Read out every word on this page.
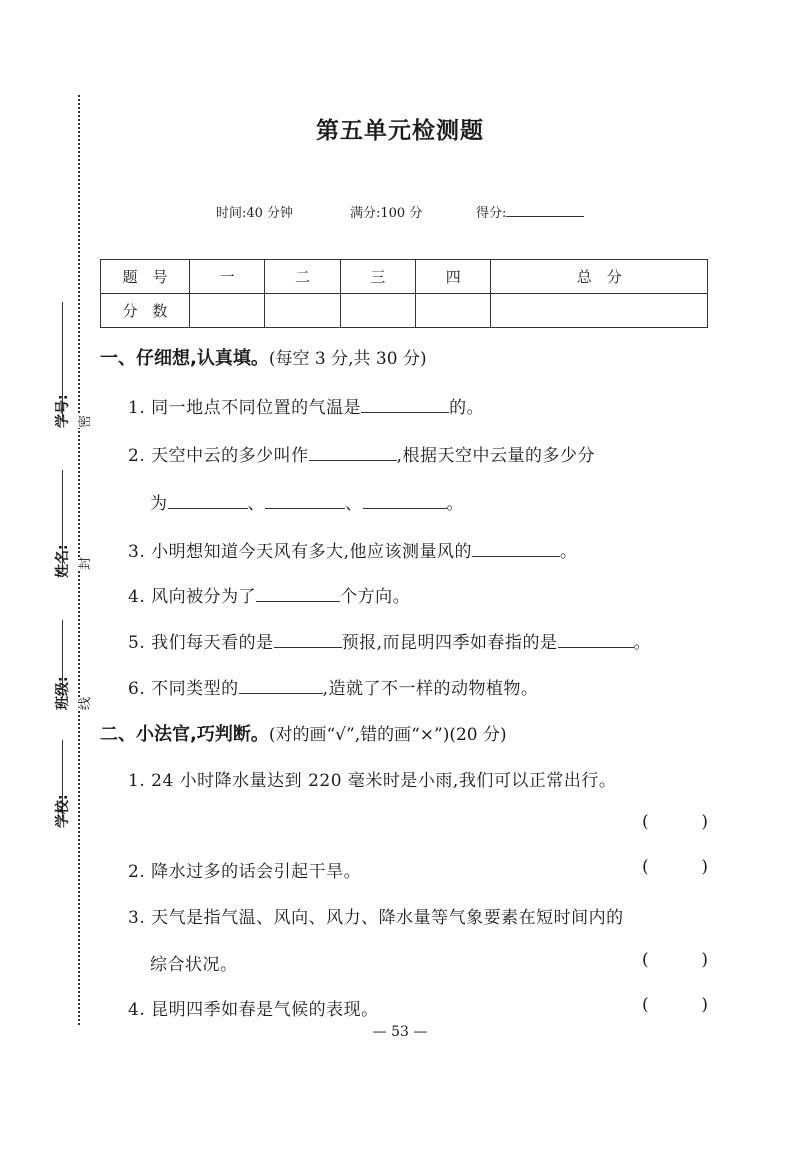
学号:
姓名:
班级:
学校:
密
封
线
第五单元检测题
时间:40 分钟	满分:100 分	得分:
题　号	一	二	三	四	总　分
分　数					
一、仔细想,认真填。(每空 3 分,共 30 分)
1. 同一地点不同位置的气温是	的。
2. 天空中云的多少叫作	,根据天空中云量的多少分
为	、	、	。
3. 小明想知道今天风有多大,他应该测量风的	。
4. 风向被分为了	个方向。
5. 我们每天看的是	预报,而昆明四季如春指的是	。
6. 不同类型的	,造就了不一样的动物植物。
二、小法官,巧判断。(对的画“√”,错的画“×”)(20 分)
1. 24 小时降水量达到 220 毫米时是小雨,我们可以正常出行。
(	)
2. 降水过多的话会引起干旱。	(	)
3. 天气是指气温、风向、风力、降水量等气象要素在短时间内的
综合状况。	(	)
4. 昆明四季如春是气候的表现。	(	)
— 53 —
